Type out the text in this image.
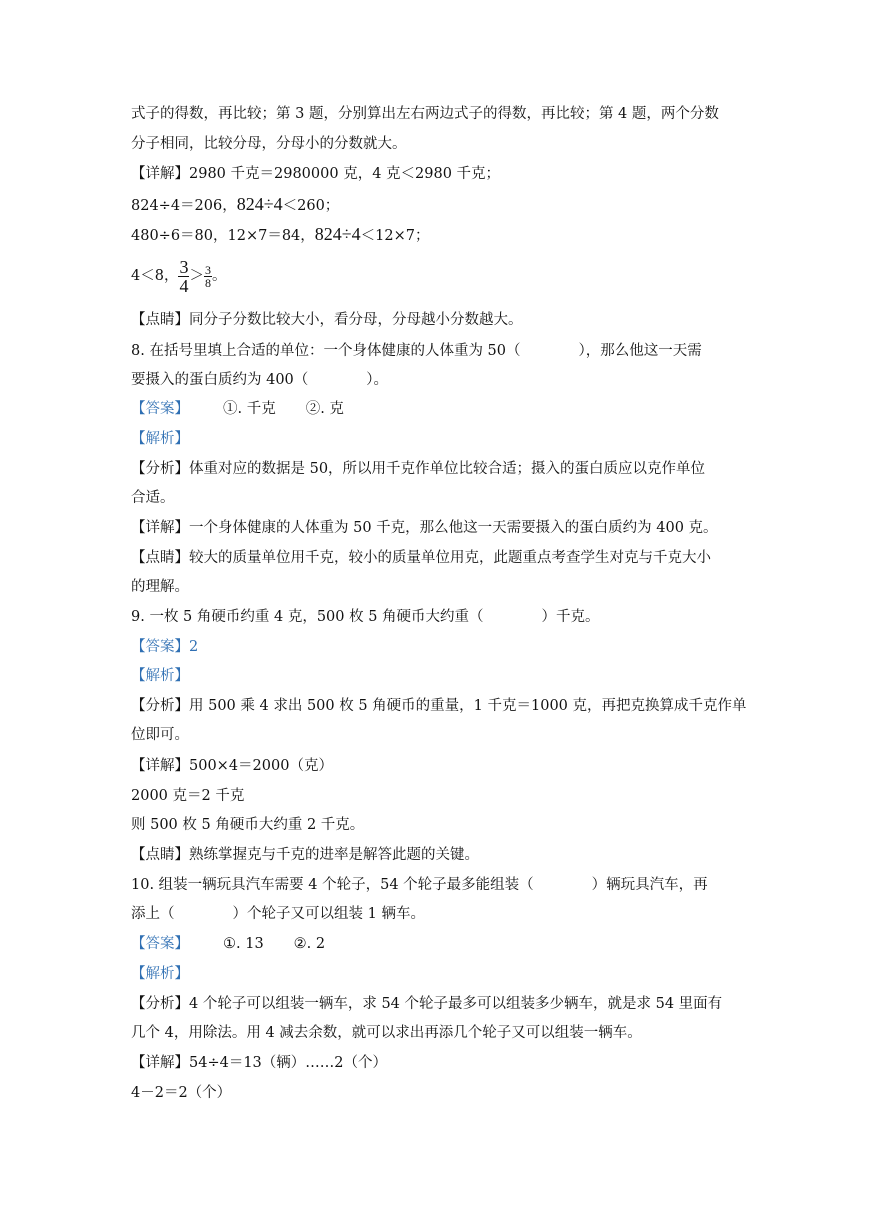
式子的得数，再比较；第 3 题，分别算出左右两边式子的得数，再比较；第 4 题，两个分数
分子相同，比较分母，分母小的分数就大。
【详解】2980 千克＝2980000 克，4 克＜2980 千克；
824÷4＝206，824÷4＜260；
480÷6＝80，12×7＝84，824÷4＜12×7；
4＜8， $\frac{3}{4} > \frac{3}{8}$ 。
【点睛】同分子分数比较大小，看分母，分母越小分数越大。
8. 在括号里填上合适的单位：一个身体健康的人体重为 50（　　　　），那么他这一天需
要摄入的蛋白质约为 400（　　　　）。
【答案】 ①. 千克 ②. 克
【解析】
【分析】体重对应的数据是 50，所以用千克作单位比较合适；摄入的蛋白质应以克作单位
合适。
【详解】一个身体健康的人体重为 50 千克，那么他这一天需要摄入的蛋白质约为 400 克。
【点睛】较大的质量单位用千克，较小的质量单位用克，此题重点考查学生对克与千克大小
的理解。
9. 一枚 5 角硬币约重 4 克，500 枚 5 角硬币大约重（　　　　）千克。
【答案】2
【解析】
【分析】用 500 乘 4 求出 500 枚 5 角硬币的重量，1 千克＝1000 克，再把克换算成千克作单
位即可。
【详解】500×4＝2000（克）
2000 克＝2 千克
则 500 枚 5 角硬币大约重 2 千克。
【点睛】熟练掌握克与千克的进率是解答此题的关键。
10. 组装一辆玩具汽车需要 4 个轮子，54 个轮子最多能组装（　　　　）辆玩具汽车，再
添上（　　　　）个轮子又可以组装 1 辆车。
【答案】 ①. 13 ②. 2
【解析】
【分析】4 个轮子可以组装一辆车，求 54 个轮子最多可以组装多少辆车，就是求 54 里面有
几个 4，用除法。用 4 减去余数，就可以求出再添几个轮子又可以组装一辆车。
【详解】54÷4＝13（辆）……2（个）
4－2＝2（个）
